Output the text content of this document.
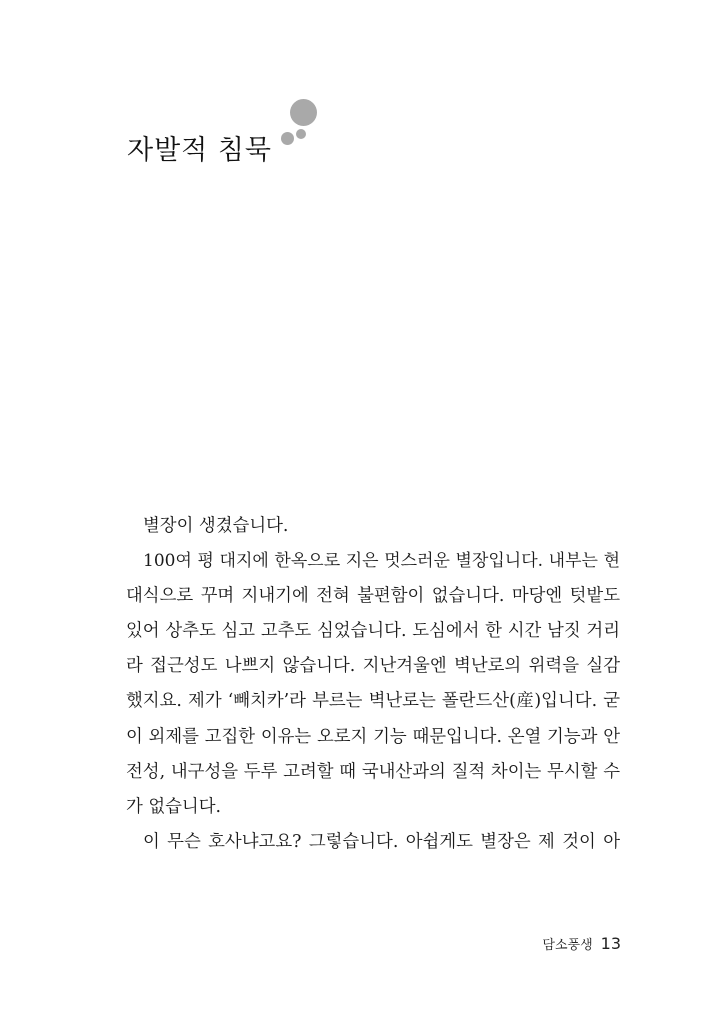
자발적 침묵
별장이 생겼습니다.
100여 평 대지에 한옥으로 지은 멋스러운 별장입니다. 내부는 현
대식으로 꾸며 지내기에 전혀 불편함이 없습니다. 마당엔 텃밭도
있어 상추도 심고 고추도 심었습니다. 도심에서 한 시간 남짓 거리
라 접근성도 나쁘지 않습니다. 지난겨울엔 벽난로의 위력을 실감
했지요. 제가 ‘빼치카’라 부르는 벽난로는 폴란드산(産)입니다. 굳
이 외제를 고집한 이유는 오로지 기능 때문입니다. 온열 기능과 안
전성, 내구성을 두루 고려할 때 국내산과의 질적 차이는 무시할 수
가 없습니다.
이 무슨 호사냐고요? 그렇습니다. 아쉽게도 별장은 제 것이 아
담소풍생 13
